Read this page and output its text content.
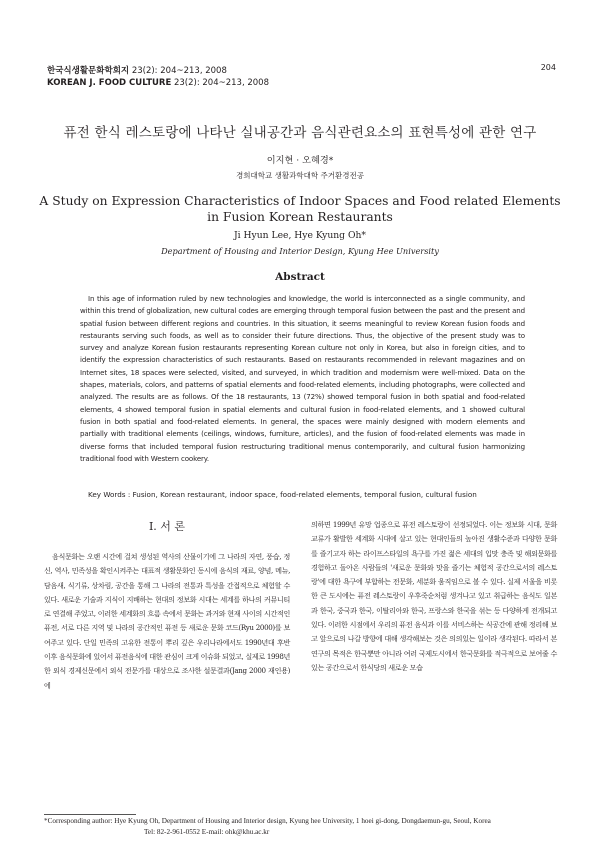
한국식생활문화학회지 23(2): 204~213, 2008
KOREAN J. FOOD CULTURE 23(2): 204~213, 2008
204
퓨전 한식 레스토랑에 나타난 실내공간과 음식관련요소의 표현특성에 관한 연구
이지현 · 오혜경*
경희대학교 생활과학대학 주거환경전공
A Study on Expression Characteristics of Indoor Spaces and Food related Elements
in Fusion Korean Restaurants
Ji Hyun Lee, Hye Kyung Oh*
Department of Housing and Interior Design, Kyung Hee University
Abstract

In this age of information ruled by new technologies and knowledge, the world is interconnected as a single community, and within this trend of globalization, new cultural codes are emerging through temporal fusion between the past and the present and spatial fusion between different regions and countries. In this situation, it seems meaningful to review Korean fusion foods and restaurants serving such foods, as well as to consider their future directions. Thus, the objective of the present study was to survey and analyze Korean fusion restaurants representing Korean culture not only in Korea, but also in foreign cities, and to identify the expression characteristics of such restaurants. Based on restaurants recommended in relevant magazines and on Internet sites, 18 spaces were selected, visited, and surveyed, in which tradition and modernism were well-mixed. Data on the shapes, materials, colors, and patterns of spatial elements and food-related elements, including photographs, were collected and analyzed. The results are as follows. Of the 18 restaurants, 13 (72%) showed temporal fusion in both spatial and food-related elements, 4 showed temporal fusion in spatial elements and cultural fusion in food-related elements, and 1 showed cultural fusion in both spatial and food-related elements. In general, the spaces were mainly designed with modern elements and partially with traditional elements (ceilings, windows, furniture, articles), and the fusion of food-related elements was made in diverse forms that included temporal fusion restructuring traditional menus contemporarily, and cultural fusion harmonizing traditional food with Western cookery.

Key Words : Fusion, Korean restaurant, indoor space, food-related elements, temporal fusion, cultural fusion
Ⅰ. 서 론

음식문화는 오랜 시간에 걸쳐 생성된 역사의 산물이기에 그 나라의 자연, 풍습, 정신, 역사, 민족성을 확인시켜주는 대표적 생활문화인 동시에 음식의 재료, 양념, 메뉴, 담음새, 식기류, 상차림, 공간을 통해 그 나라의 전통과 특성을 간접적으로 체험할 수 있다. 새로운 기술과 지식이 지배하는 현대의 정보화 시대는 세계를 하나의 커뮤니티로 연결해 주었고, 이러한 세계화의 흐름 속에서 문화는 과거와 현재 사이의 시간적인 퓨전, 서로 다른 지역 및 나라의 공간적인 퓨전 등 새로운 문화 코드(Ryu 2000)를 보여주고 있다. 단일 민족의 고유한 전통이 뿌리 깊은 우리나라에서도 1990년대 후반 이후 음식문화에 있어서 퓨전음식에 대한 관심이 크게 이슈화 되었고, 실제로 1998년 한 외식 경제신문에서 외식 전문가를 대상으로 조사한 설문결과(Jang 2000 재인용)에

의하면 1999년 유망 업종으로 퓨전 레스토랑이 선정되었다. 이는 정보화 시대, 문화교류가 활발한 세계화 시대에 살고 있는 현대인들의 높아진 생활수준과 다양한 문화를 즐기고자 하는 라이프스타일의 욕구를 가진 젊은 세대의 입맛 충족 및 해외문화를 경험하고 돌아온 사람들의 '새로운 문화와 맛을 즐기는 체험적 공간으로서의 레스토랑'에 대한 욕구에 부합하는 전문화, 세분화 움직임으로 볼 수 있다. 실제 서울을 비롯한 큰 도시에는 퓨전 레스토랑이 우후죽순처럼 생겨나고 있고 취급하는 음식도 일본과 한국, 중국과 한국, 이탈리아와 한국, 프랑스와 한국을 섞는 등 다양하게 전개되고 있다. 이러한 시점에서 우리의 퓨전 음식과 이를 서비스하는 식공간에 관해 정리해 보고 앞으로의 나갈 방향에 대해 생각해보는 것은 의의있는 일이라 생각된다. 따라서 본 연구의 목적은 한국뿐만 아니라 여러 국제도시에서 한국문화를 적극적으로 보여줄 수 있는 공간으로서 한식당의 새로운 모습

*Corresponding author: Hye Kyung Oh, Department of Housing and Interior design, Kyung hee University, 1 hoei gi-dong, Dongdaemun-gu, Seoul, Korea
Tel: 82-2-961-0552 E-mail: ohk@khu.ac.kr
